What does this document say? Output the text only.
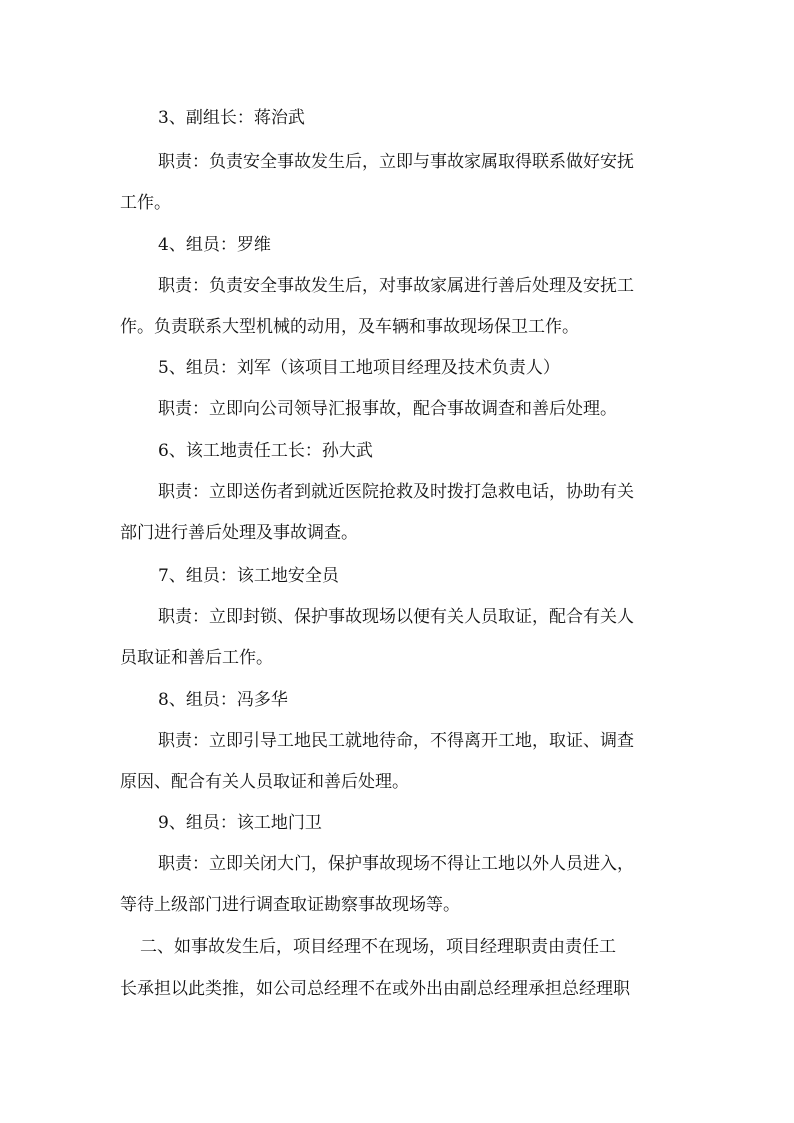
3、副组长：蒋治武
职责：负责安全事故发生后，立即与事故家属取得联系做好安抚
工作。
4、组员：罗维
职责：负责安全事故发生后，对事故家属进行善后处理及安抚工
作。负责联系大型机械的动用，及车辆和事故现场保卫工作。
5、组员：刘军（该项目工地项目经理及技术负责人）
职责：立即向公司领导汇报事故，配合事故调查和善后处理。
6、该工地责任工长：孙大武
职责：立即送伤者到就近医院抢救及时拨打急救电话，协助有关
部门进行善后处理及事故调查。
7、组员：该工地安全员
职责：立即封锁、保护事故现场以便有关人员取证，配合有关人
员取证和善后工作。
8、组员：冯多华
职责：立即引导工地民工就地待命，不得离开工地，取证、调查
原因、配合有关人员取证和善后处理。
9、组员：该工地门卫
职责：立即关闭大门，保护事故现场不得让工地以外人员进入，
等待上级部门进行调查取证勘察事故现场等。
二、如事故发生后，项目经理不在现场，项目经理职责由责任工
长承担以此类推，如公司总经理不在或外出由副总经理承担总经理职
